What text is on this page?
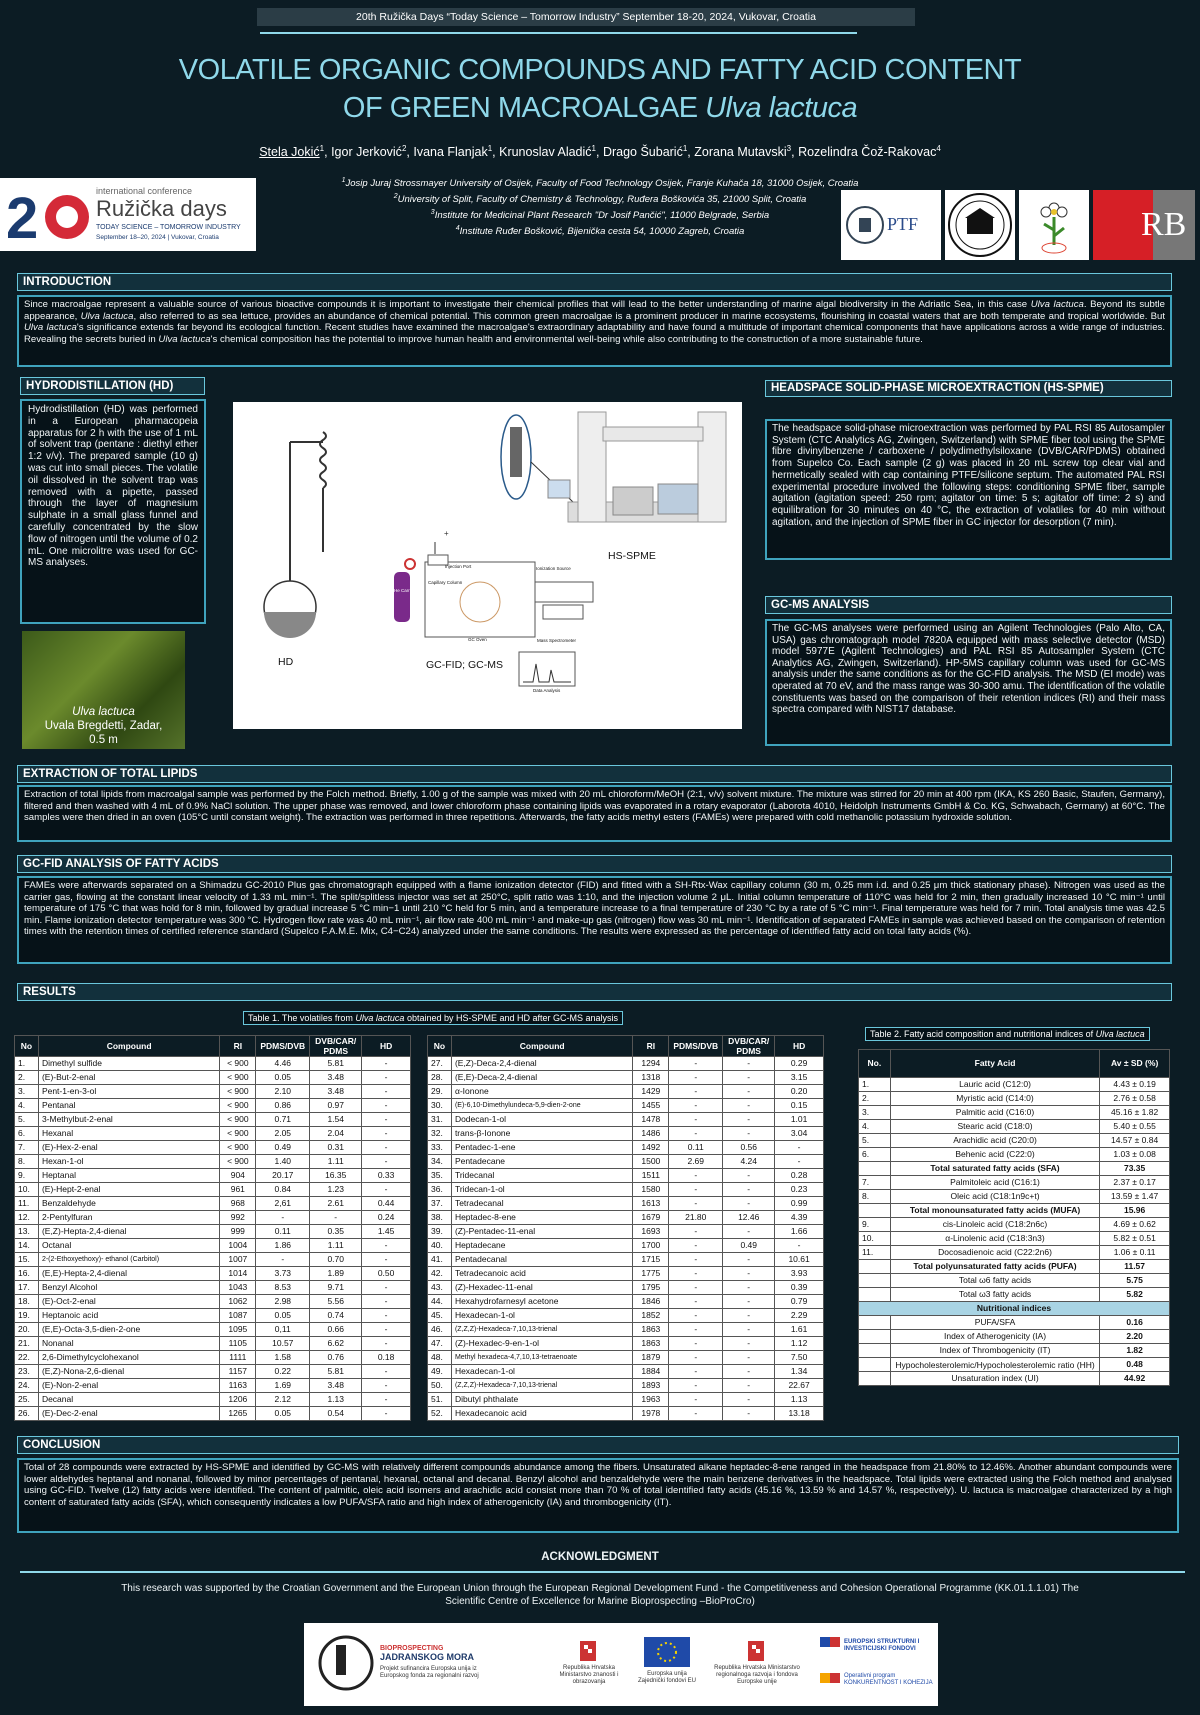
20th Ružička Days “Today Science – Tomorrow Industry” September 18-20, 2024, Vukovar, Croatia
VOLATILE ORGANIC COMPOUNDS AND FATTY ACID CONTENT
OF GREEN MACROALGAE Ulva lactuca
Stela Jokić$^1$, Igor Jerković$^2$, Ivana Flanjak$^1$, Krunoslav Aladić$^1$, Drago Šubarić$^1$, Zorana Mutavski$^3$, Rozelindra Čož-Rakovac$^4$
$^1$Josip Juraj Strossmayer University of Osijek, Faculty of Food Technology Osijek, Franje Kuhača 18, 31000 Osijek, Croatia
$^2$University of Split, Faculty of Chemistry & Technology, Ruđera Boškovića 35, 21000 Split, Croatia
$^3$Institute for Medicinal Plant Research "Dr Josif Pančić", 11000 Belgrade, Serbia
$^4$Institute Ruđer Bošković, Bijenička cesta 54, 10000 Zagreb, Croatia
2	international conference
Ružička days
TODAY SCIENCE – TOMORROW INDUSTRY
September 18–20, 2024 | Vukovar, Croatia
PTF	RB
INTRODUCTION
Since macroalgae represent a valuable source of various bioactive compounds it is important to investigate their chemical profiles that will lead to the better understanding of marine algal biodiversity in the Adriatic Sea, in this case Ulva lactuca. Beyond its subtle appearance, Ulva lactuca, also referred to as sea lettuce, provides an abundance of chemical potential. This common green macroalgae is a prominent producer in marine ecosystems, flourishing in coastal waters that are both temperate and tropical worldwide. But Ulva lactuca's significance extends far beyond its ecological function. Recent studies have examined the macroalgae's extraordinary adaptability and have found a multitude of important chemical components that have applications across a wide range of industries. Revealing the secrets buried in Ulva lactuca's chemical composition has the potential to improve human health and environmental well-being while also contributing to the construction of a more sustainable future.
HYDRODISTILLATION (HD)
Hydrodistillation (HD) was performed in a European pharmacopeia apparatus for 2 h with the use of 1 mL of solvent trap (pentane : diethyl ether 1:2 v/v). The prepared sample (10 g) was cut into small pieces. The volatile oil dissolved in the solvent trap was removed with a pipette, passed through the layer of magnesium sulphate in a small glass funnel and carefully concentrated by the slow flow of nitrogen until the volume of 0.2 mL. One microlitre was used for GC-MS analyses.
Ulva lactuca
Uvala Bregdetti, Zadar,
0.5 m
+
HD	GC-FID; GC-MS
HS-SPME
Injection Port
Capillary Column
GC Oven
Ionization Source
Mass Spectrometer
Data Analysis
He Carrier Gas
HEADSPACE SOLID-PHASE MICROEXTRACTION (HS-SPME)
The headspace solid-phase microextraction was performed by PAL RSI 85 Autosampler System (CTC Analytics AG, Zwingen, Switzerland) with SPME fiber tool using the SPME fibre divinylbenzene / carboxene / polydimethylsiloxane (DVB/CAR/PDMS) obtained from Supelco Co. Each sample (2 g) was placed in 20 mL screw top clear vial and hermetically sealed with cap containing PTFE/silicone septum. The automated PAL RSI experimental procedure involved the following steps: conditioning SPME fiber, sample agitation (agitation speed: 250 rpm; agitator on time: 5 s; agitator off time: 2 s) and equilibration for 30 minutes on 40 °C, the extraction of volatiles for 40 min without agitation, and the injection of SPME fiber in GC injector for desorption (7 min).
GC-MS ANALYSIS
The GC-MS analyses were performed using an Agilent Technologies (Palo Alto, CA, USA) gas chromatograph model 7820A equipped with mass selective detector (MSD) model 5977E (Agilent Technologies) and PAL RSI 85 Autosampler System (CTC Analytics AG, Zwingen, Switzerland). HP-5MS capillary column was used for GC-MS analysis under the same conditions as for the GC-FID analysis. The MSD (EI mode) was operated at 70 eV, and the mass range was 30-300 amu. The identification of the volatile constituents was based on the comparison of their retention indices (RI) and their mass spectra compared with NIST17 database.
EXTRACTION OF TOTAL LIPIDS
Extraction of total lipids from macroalgal sample was performed by the Folch method. Briefly, 1.00 g of the sample was mixed with 20 mL chloroform/MeOH (2:1, v/v) solvent mixture. The mixture was stirred for 20 min at 400 rpm (IKA, KS 260 Basic, Staufen, Germany), filtered and then washed with 4 mL of 0.9% NaCl solution. The upper phase was removed, and lower chloroform phase containing lipids was evaporated in a rotary evaporator (Laborota 4010, Heidolph Instruments GmbH & Co. KG, Schwabach, Germany) at 60°C. The samples were then dried in an oven (105°C until constant weight). The extraction was performed in three repetitions. Afterwards, the fatty acids methyl esters (FAMEs) were prepared with cold methanolic potassium hydroxide solution.
GC-FID ANALYSIS OF FATTY ACIDS
FAMEs were afterwards separated on a Shimadzu GC-2010 Plus gas chromatograph equipped with a flame ionization detector (FID) and fitted with a SH-Rtx-Wax capillary column (30 m, 0.25 mm i.d. and 0.25 μm thick stationary phase). Nitrogen was used as the carrier gas, flowing at the constant linear velocity of 1.33 mL min⁻¹. The split/splitless injector was set at 250°C, split ratio was 1:10, and the injection volume 2 μL. Initial column temperature of 110°C was held for 2 min, then gradually increased 10 °C min⁻¹ until temperature of 175 °C that was hold for 8 min, followed by gradual increase 5 °C min−1 until 210 °C held for 5 min, and a temperature increase to a final temperature of 230 °C by a rate of 5 °C min⁻¹. Final temperature was held for 7 min. Total analysis time was 42.5 min. Flame ionization detector temperature was 300 °C. Hydrogen flow rate was 40 mL min⁻¹, air flow rate 400 mL min⁻¹ and make-up gas (nitrogen) flow was 30 mL min⁻¹. Identification of separated FAMEs in sample was achieved based on the comparison of retention times with the retention times of certified reference standard (Supelco F.A.M.E. Mix, C4−C24) analyzed under the same conditions. The results were expressed as the percentage of identified fatty acid on total fatty acids (%).
RESULTS
Table 1. The volatiles from Ulva lactuca obtained by HS-SPME and HD after GC-MS analysis
No	Compound	RI	PDMS/DVB	DVB/CAR/ PDMS	HD
1.	Dimethyl sulfide	< 900	4.46	5.81	-
2.	(E)-But-2-enal	< 900	0.05	3.48	-
3.	Pent-1-en-3-ol	< 900	2.10	3.48	-
4.	Pentanal	< 900	0.86	0.97	-
5.	3-Methylbut-2-enal	< 900	0.71	1.54	-
6.	Hexanal	< 900	2.05	2.04	-
7.	(E)-Hex-2-enal	< 900	0.49	0.31	-
8.	Hexan-1-ol	< 900	1.40	1.11	-
9.	Heptanal	904	20.17	16.35	0.33
10.	(E)-Hept-2-enal	961	0.84	1.23	-
11.	Benzaldehyde	968	2,61	2.61	0.44
12.	2-Pentylfuran	992	-	-	0.24
13.	(E,Z)-Hepta-2,4-dienal	999	0.11	0.35	1.45
14.	Octanal	1004	1.86	1.11	-
15.	2-(2-Ethoxyethoxy)- ethanol (Carbitol)	1007	-	0.70	-
16.	(E,E)-Hepta-2,4-dienal	1014	3.73	1.89	0.50
17.	Benzyl Alcohol	1043	8.53	9.71	-
18.	(E)-Oct-2-enal	1062	2.98	5.56	-
19.	Heptanoic acid	1087	0.05	0.74	-
20.	(E,E)-Octa-3,5-dien-2-one	1095	0,11	0.66	-
21.	Nonanal	1105	10.57	6.62	-
22.	2,6-Dimethylcyclohexanol	1111	1.58	0.76	0.18
23.	(E,Z)-Nona-2,6-dienal	1157	0.22	5.81	-
24.	(E)-Non-2-enal	1163	1.69	3.48	-
25.	Decanal	1206	2.12	1.13	-
26.	(E)-Dec-2-enal	1265	0.05	0.54	-
No	Compound	RI	PDMS/DVB	DVB/CAR/ PDMS	HD
27.	(E,Z)-Deca-2,4-dienal	1294	-	-	0.29
28.	(E,E)-Deca-2,4-dienal	1318	-	-	3.15
29.	α-Ionone	1429	-	-	0.20
30.	(E)-6,10-Dimethylundeca-5,9-dien-2-one	1455	-	-	0.15
31.	Dodecan-1-ol	1478	-	-	1.01
32.	trans-β-Ionone	1486	-	-	3.04
33.	Pentadec-1-ene	1492	0.11	0.56	-
34.	Pentadecane	1500	2.69	4.24	-
35.	Tridecanal	1511	-	-	0.28
36.	Tridecan-1-ol	1580	-	-	0.23
37.	Tetradecanal	1613	-	-	0.99
38.	Heptadec-8-ene	1679	21.80	12.46	4.39
39.	(Z)-Pentadec-11-enal	1693	-	-	1.66
40.	Heptadecane	1700	-	0.49	-
41.	Pentadecanal	1715	-	-	10.61
42.	Tetradecanoic acid	1775	-	-	3.93
43.	(Z)-Hexadec-11-enal	1795	-	-	0.39
44.	Hexahydrofarnesyl acetone	1846	-	-	0.79
45.	Hexadecan-1-ol	1852	-	-	2.29
46.	(Z,Z,Z)-Hexadeca-7,10,13-trienal	1863	-	-	1.61
47.	(Z)-Hexadec-9-en-1-ol	1863	-	-	1.12
48.	Methyl hexadeca-4,7,10,13-tetraenoate	1879	-	-	7.50
49.	Hexadecan-1-ol	1884	-	-	1.34
50.	(Z,Z,Z)-Hexadeca-7,10,13-trienal	1893	-	-	22.67
51.	Dibutyl phthalate	1963	-	-	1.13
52.	Hexadecanoic acid	1978	-	-	13.18
Table 2. Fatty acid composition and nutritional indices of Ulva lactuca
No.	Fatty Acid	Av ± SD (%)
1.	Lauric acid (C12:0)	4.43 ± 0.19
2.	Myristic acid (C14:0)	2.76 ± 0.58
3.	Palmitic acid (C16:0)	45.16 ± 1.82
4.	Stearic acid (C18:0)	5.40 ± 0.55
5.	Arachidic acid (C20:0)	14.57 ± 0.84
6.	Behenic acid (C22:0)	1.03 ± 0.08
	Total saturated fatty acids (SFA)	73.35
7.	Palmitoleic acid (C16:1)	2.37 ± 0.17
8.	Oleic acid (C18:1n9c+t)	13.59 ± 1.47
	Total monounsaturated fatty acids (MUFA)	15.96
9.	cis-Linoleic acid (C18:2n6c)	4.69 ± 0.62
10.	α-Linolenic acid (C18:3n3)	5.82 ± 0.51
11.	Docosadienoic acid (C22:2n6)	1.06 ± 0.11
	Total polyunsaturated fatty acids (PUFA)	11.57
	Total ω6 fatty acids	5.75
	Total ω3 fatty acids	5.82
Nutritional indices		
	PUFA/SFA	0.16
	Index of Atherogenicity (IA)	2.20
	Index of Thrombogenicity (IT)	1.82
	Hypocholesterolemic/Hypocholesterolemic ratio (HH)	0.48
	Unsaturation index (UI)	44.92
CONCLUSION
Total of 28 compounds were extracted by HS-SPME and identified by GC-MS with relatively different compounds abundance among the fibers. Unsaturated alkane heptadec-8-ene ranged in the headspace from 21.80% to 12.46%. Another abundant compounds were lower aldehydes heptanal and nonanal, followed by minor percentages of pentanal, hexanal, octanal and decanal. Benzyl alcohol and benzaldehyde were the main benzene derivatives in the headspace. Total lipids were extracted using the Folch method and analysed using GC-FID. Twelve (12) fatty acids were identified. The content of palmitic, oleic acid isomers and arachidic acid consist more than 70 % of total identified fatty acids (45.16 %, 13.59 % and 14.57 %, respectively). U. lactuca is macroalgae characterized by a high content of saturated fatty acids (SFA), which consequently indicates a low PUFA/SFA ratio and high index of atherogenicity (IA) and thrombogenicity (IT).
ACKNOWLEDGMENT
This research was supported by the Croatian Government and the European Union through the European Regional Development Fund - the Competitiveness and Cohesion Operational Programme (KK.01.1.1.01) The Scientific Centre of Excellence for Marine Bioprospecting –BioProCro)
BIOPROSPECTING
JADRANSKOG MORA
Projekt sufinancira Europska unija iz Europskog fonda za regionalni razvoj
Republika Hrvatska Ministarstvo znanosti i obrazovanja
Europska unija Zajednički fondovi EU
Republika Hrvatska Ministarstvo regionalnoga razvoja i fondova Europske unije
EUROPSKI STRUKTURNI I INVESTICIJSKI FONDOVI
Operativni program KONKURENTNOST I KOHEZIJA
